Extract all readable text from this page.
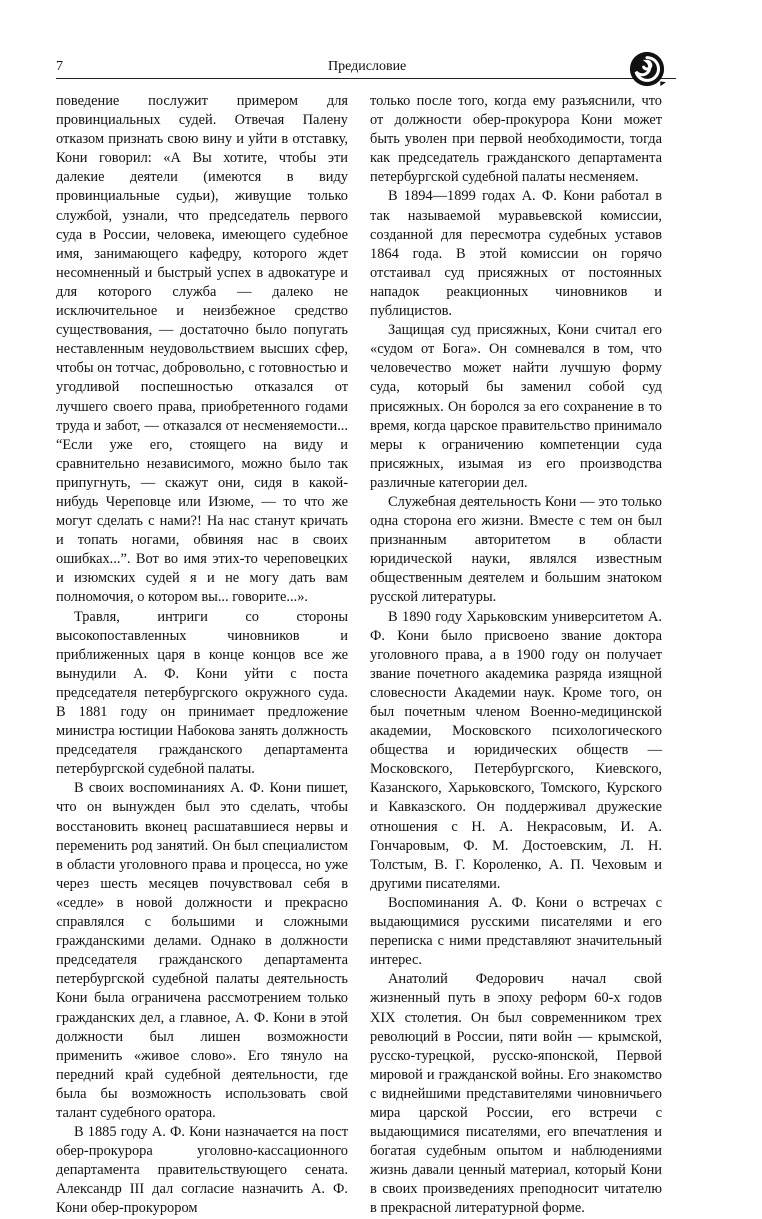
7	Предисловие

поведение послужит примером для провинциальных судей. Отвечая Палену отказом признать свою вину и уйти в отставку, Кони говорил: «А Вы хотите, чтобы эти далекие деятели (имеются в виду провинциальные судьи), живущие только службой, узнали, что председатель первого суда в России, человека, имеющего судебное имя, занимающего кафедру, которого ждет несомненный и быстрый успех в адвокатуре и для которого служба — далеко не исключительное и неизбежное средство существования, — достаточно было попугать неставленным неудовольствием высших сфер, чтобы он тотчас, добровольно, с готовностью и угодливой поспешностью отказался от лучшего своего права, приобретенного годами труда и забот, — отказался от несменяемости... “Если уже его, стоящего на виду и сравнительно независимого, можно было так припугнуть, — скажут они, сидя в какой-нибудь Череповце или Изюме, — то что же могут сделать с нами?! На нас станут кричать и топать ногами, обвиняя нас в своих ошибках...”. Вот во имя этих-то череповецких и изюмских судей я и не могу дать вам полномочия, о котором вы... говорите...».

Травля, интриги со стороны высокопоставленных чиновников и приближенных царя в конце концов все же вынудили А. Ф. Кони уйти с поста председателя петербургского окружного суда. В 1881 году он принимает предложение министра юстиции Набокова занять должность председателя гражданского департамента петербургской судебной палаты.

В своих воспоминаниях А. Ф. Кони пишет, что он вынужден был это сделать, чтобы восстановить вконец расшатавшиеся нервы и переменить род занятий. Он был специалистом в области уголовного права и процесса, но уже через шесть месяцев почувствовал себя в «седле» в новой должности и прекрасно справлялся с большими и сложными гражданскими делами. Однако в должности председателя гражданского департамента петербургской судебной палаты деятельность Кони была ограничена рассмотрением только гражданских дел, а главное, А. Ф. Кони в этой должности был лишен возможности применить «живое слово». Его тянуло на передний край судебной деятельности, где была бы возможность использовать свой талант судебного оратора.

В 1885 году А. Ф. Кони назначается на пост обер-прокурора уголовно-кассационного департамента правительствующего сената. Александр III дал согласие назначить А. Ф. Кони обер-прокурором

только после того, когда ему разъяснили, что от должности обер-прокурора Кони может быть уволен при первой необходимости, тогда как председатель гражданского департамента петербургской судебной палаты несменяем.

В 1894—1899 годах А. Ф. Кони работал в так называемой муравьевской комиссии, созданной для пересмотра судебных уставов 1864 года. В этой комиссии он горячо отстаивал суд присяжных от постоянных нападок реакционных чиновников и публицистов.

Защищая суд присяжных, Кони считал его «судом от Бога». Он сомневался в том, что человечество может найти лучшую форму суда, который бы заменил собой суд присяжных. Он боролся за его сохранение в то время, когда царское правительство принимало меры к ограничению компетенции суда присяжных, изымая из его производства различные категории дел.

Служебная деятельность Кони — это только одна сторона его жизни. Вместе с тем он был признанным авторитетом в области юридической науки, являлся известным общественным деятелем и большим знатоком русской литературы.

В 1890 году Харьковским университетом А. Ф. Кони было присвоено звание доктора уголовного права, а в 1900 году он получает звание почетного академика разряда изящной словесности Академии наук. Кроме того, он был почетным членом Военно-медицинской академии, Московского психологического общества и юридических обществ — Московского, Петербургского, Киевского, Казанского, Харьковского, Томского, Курского и Кавказского. Он поддерживал дружеские отношения с Н. А. Некрасовым, И. А. Гончаровым, Ф. М. Достоевским, Л. Н. Толстым, В. Г. Короленко, А. П. Чеховым и другими писателями.

Воспоминания А. Ф. Кони о встречах с выдающимися русскими писателями и его переписка с ними представляют значительный интерес.

Анатолий Федорович начал свой жизненный путь в эпоху реформ 60-х годов XIX столетия. Он был современником трех революций в России, пяти войн — крымской, русско-турецкой, русско-японской, Первой мировой и гражданской войны. Его знакомство с виднейшими представителями чиновничьего мира царской России, его встречи с выдающимися писателями, его впечатления и богатая судебным опытом и наблюдениями жизнь давали ценный материал, который Кони в своих произведениях преподносит читателю в прекрасной литературной форме.
